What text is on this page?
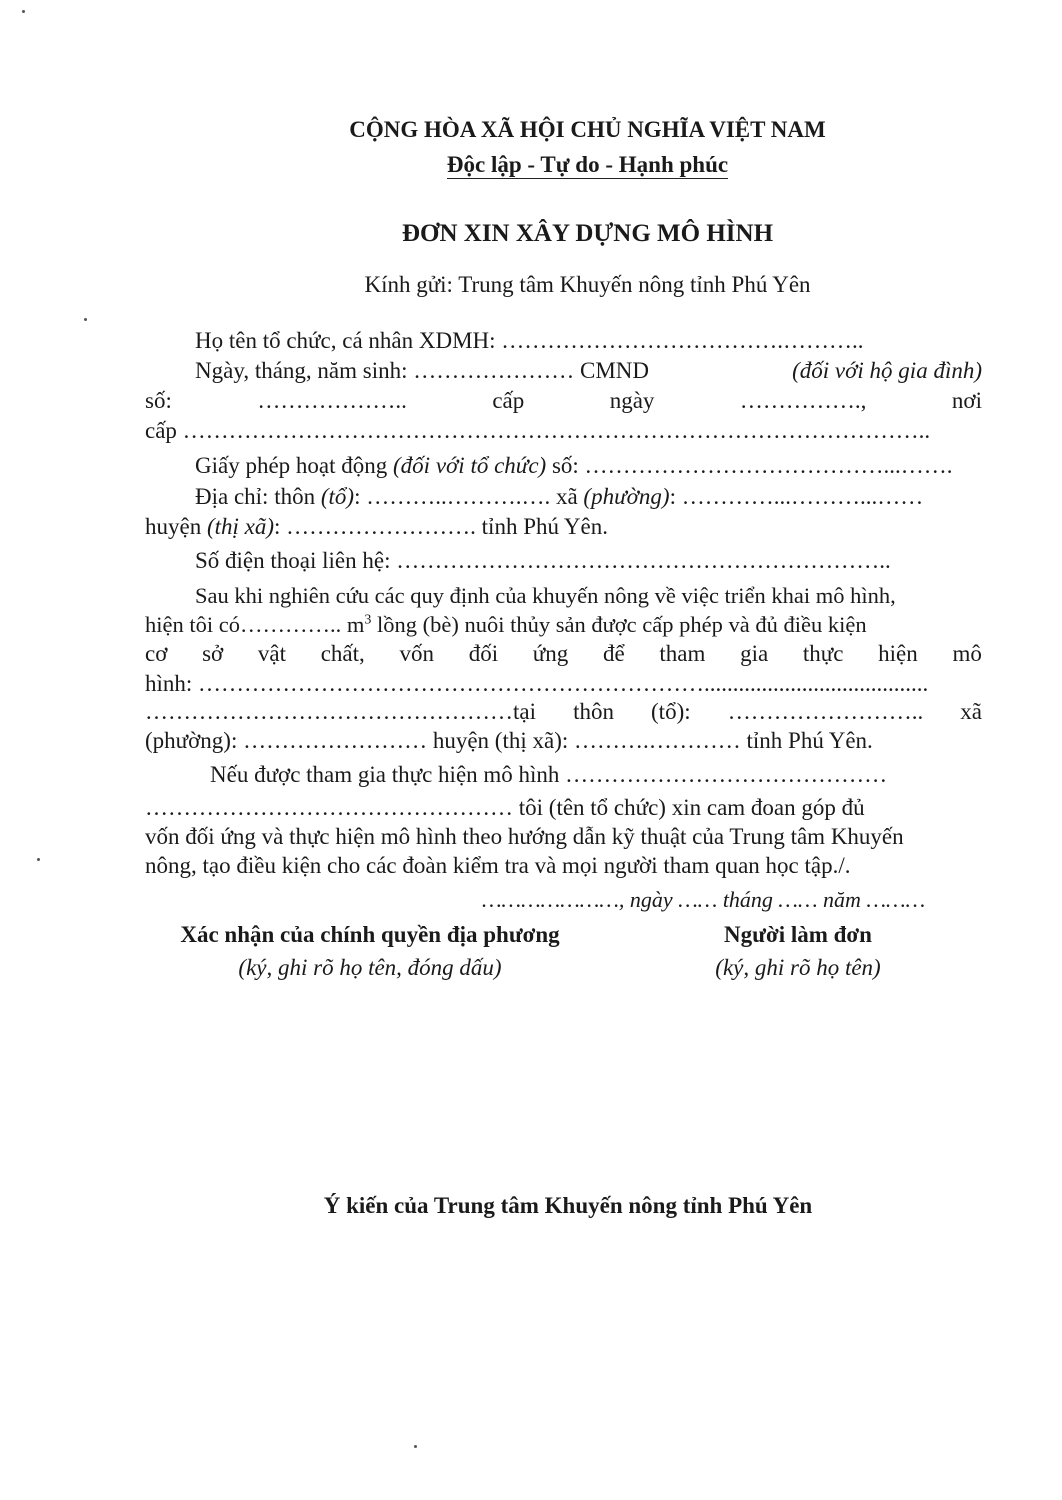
CỘNG HÒA XÃ HỘI CHỦ NGHĨA VIỆT NAM
Độc lập - Tự do - Hạnh phúc
ĐƠN XIN XÂY DỰNG MÔ HÌNH
Kính gửi: Trung tâm Khuyến nông tỉnh Phú Yên
Họ tên tổ chức, cá nhân XDMH: ……………………………….………..
Ngày, tháng, năm sinh: ………………… CMND	(đối với hộ gia đình)
số:	………………..	cấp	ngày	…………….,	nơi
cấp ……………………………………………………………………………………..
Giấy phép hoạt động (đối với tổ chức) số: …………………………………...…….
Địa chỉ: thôn (tổ): ………..……….…. xã (phường): …………...………...……
huyện (thị xã): ……………………. tỉnh Phú Yên.
Số điện thoại liên hệ: ………………………………………………………..
Sau khi nghiên cứu các quy định của khuyến nông về việc triển khai mô hình,
hiện tôi có………….. $m^3$ lồng (bè) nuôi thủy sản được cấp phép và đủ điều kiện
cơ sở vật chất, vốn đối ứng để tham gia thực hiện mô
hình: ………………………………………………………….......................................
…………………………………………tại thôn (tổ): …………………….. xã
(phường): …………………… huyện (thị xã): ……….………… tỉnh Phú Yên.
Nếu được tham gia thực hiện mô hình ……………………………………
………………………………………… tôi (tên tổ chức) xin cam đoan góp đủ
vốn đối ứng và thực hiện mô hình theo hướng dẫn kỹ thuật của Trung tâm Khuyến
nông, tạo điều kiện cho các đoàn kiểm tra và mọi người tham quan học tập./.
…………………, ngày …… tháng …… năm ………
Xác nhận của chính quyền địa phương
(ký, ghi rõ họ tên, đóng dấu)
Người làm đơn
(ký, ghi rõ họ tên)
Ý kiến của Trung tâm Khuyến nông tỉnh Phú Yên
